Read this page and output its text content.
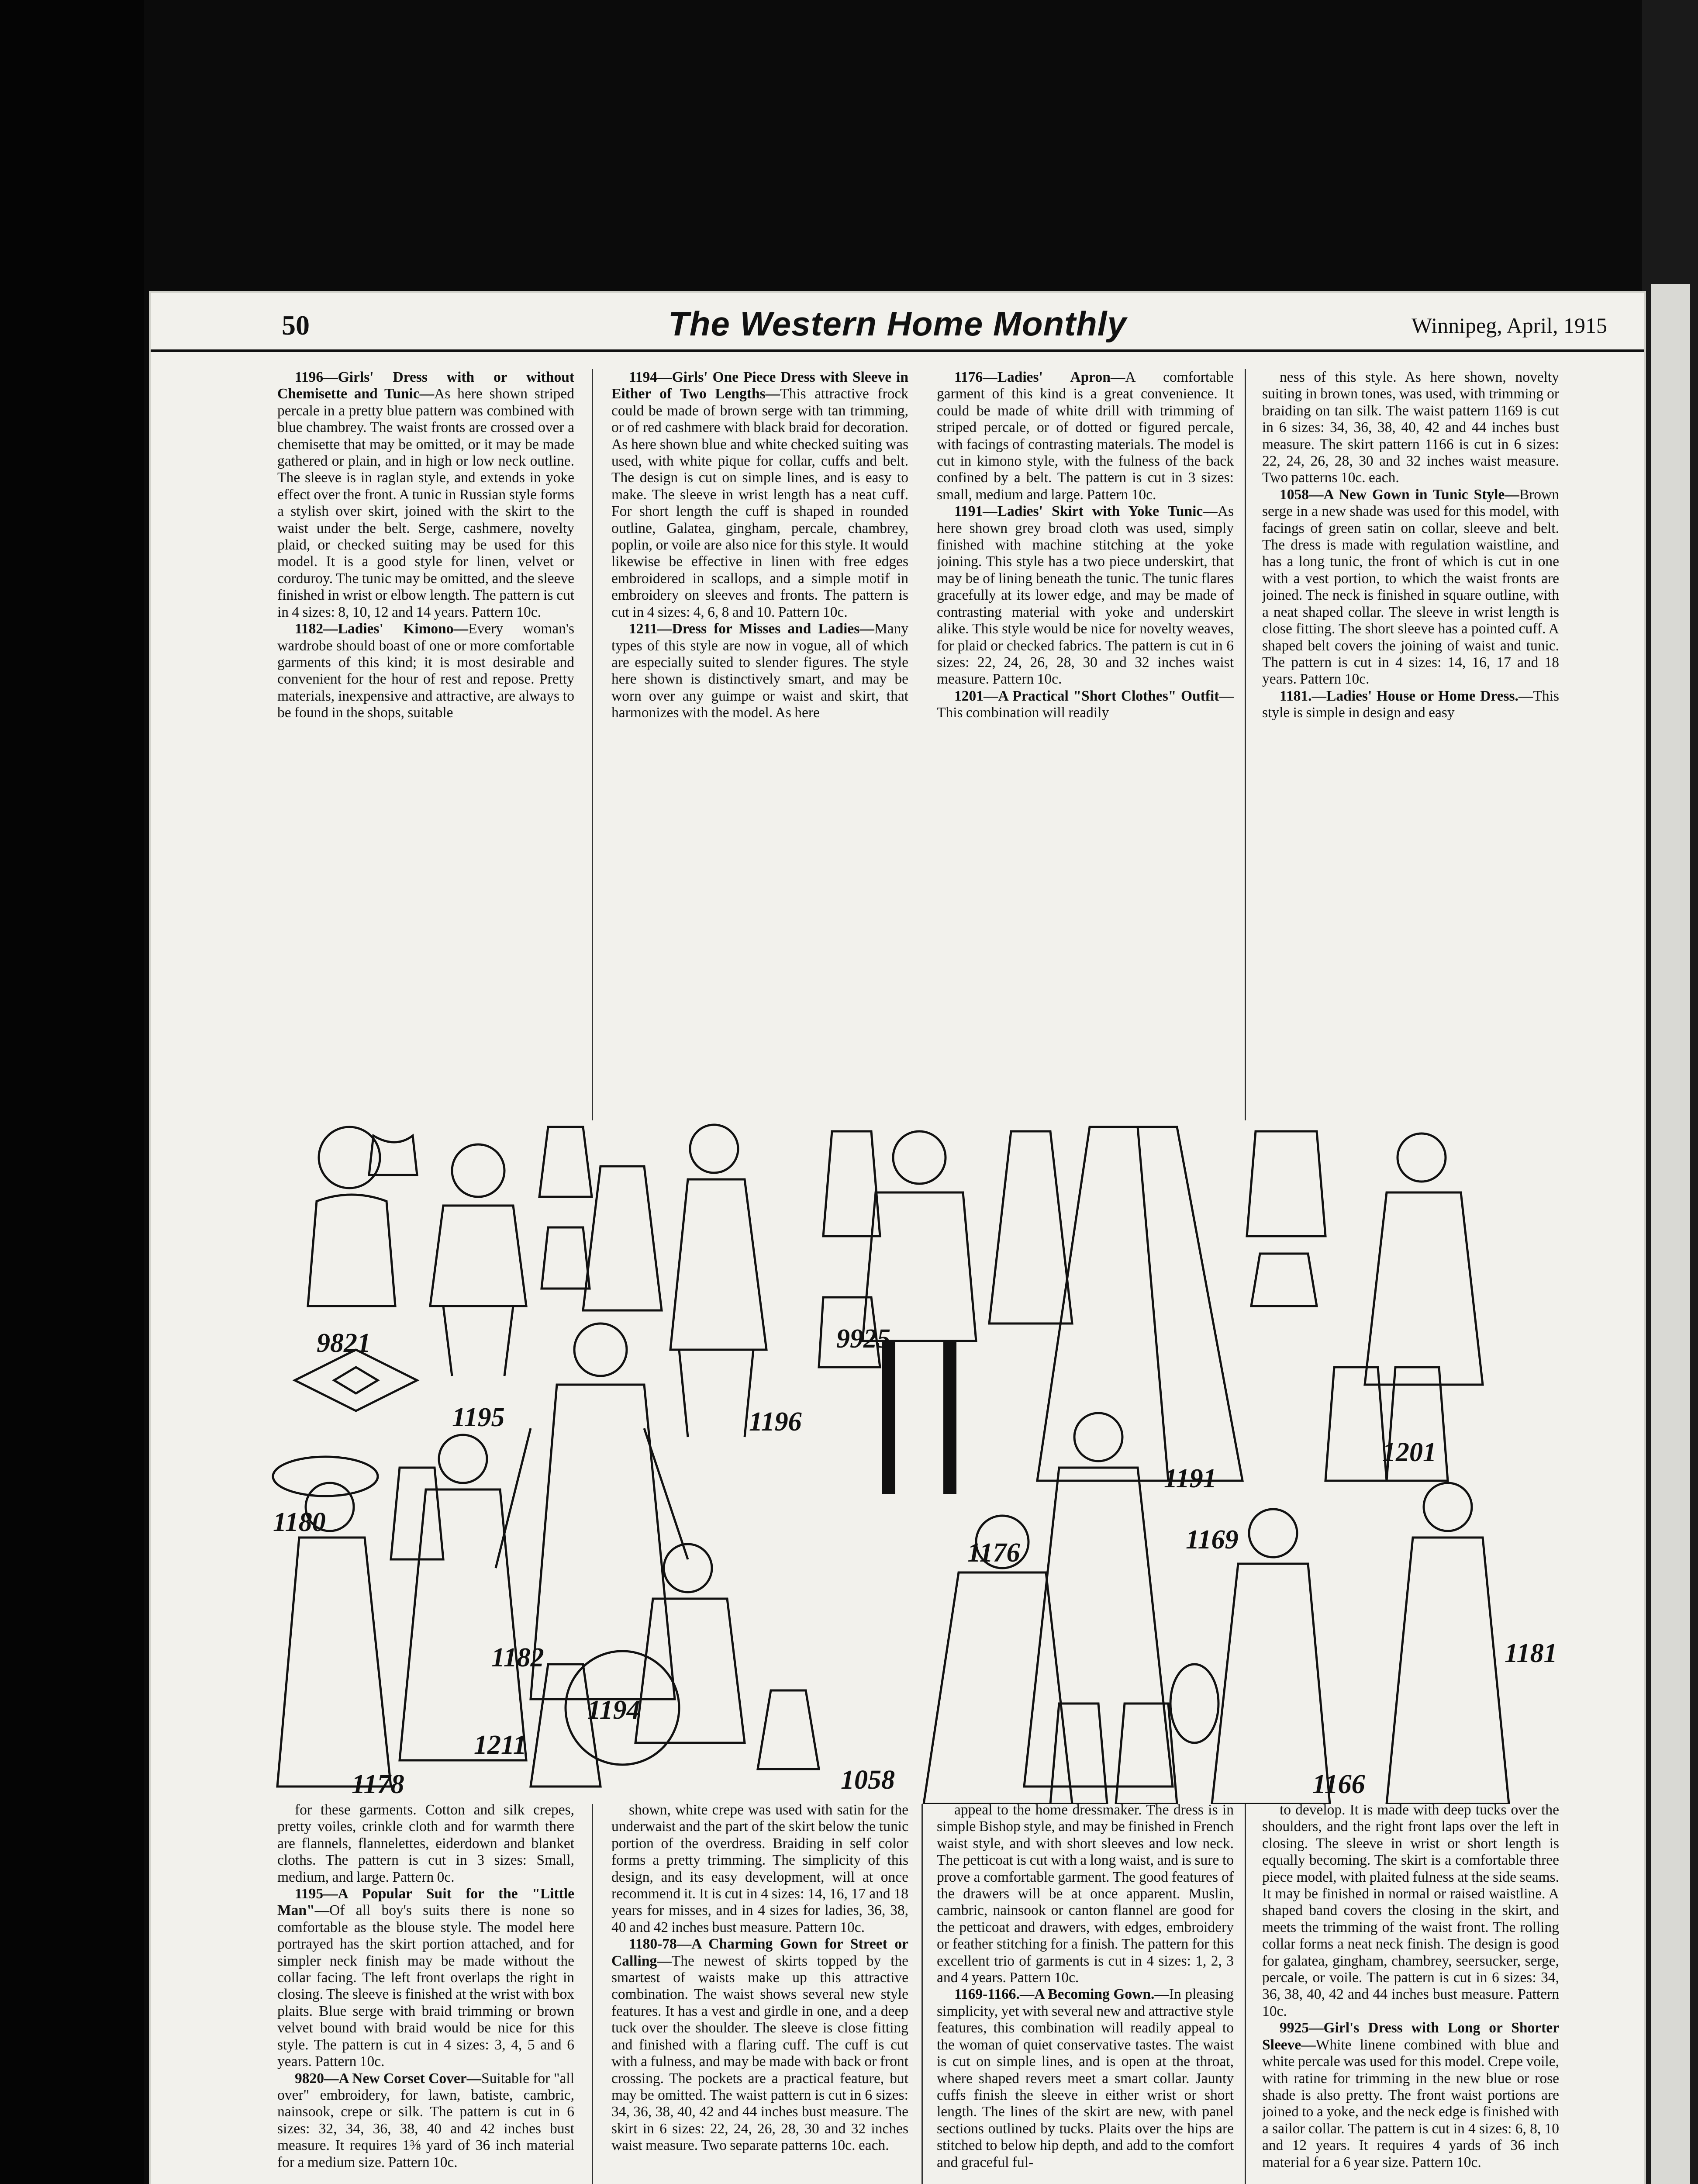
50	The Western Home Monthly	Winnipeg, April, 1915

1196—Girls' Dress with or without Chemisette and Tunic—As here shown striped percale in a pretty blue pattern was combined with blue chambrey. The waist fronts are crossed over a chemisette that may be omitted, or it may be made gathered or plain, and in high or low neck outline. The sleeve is in raglan style, and extends in yoke effect over the front. A tunic in Russian style forms a stylish over skirt, joined with the skirt to the waist under the belt. Serge, cashmere, novelty plaid, or checked suiting may be used for this model. It is a good style for linen, velvet or corduroy. The tunic may be omitted, and the sleeve finished in wrist or elbow length. The pattern is cut in 4 sizes: 8, 10, 12 and 14 years. Pattern 10c.

1182—Ladies' Kimono—Every woman's wardrobe should boast of one or more comfortable garments of this kind; it is most desirable and convenient for the hour of rest and repose. Pretty materials, inexpensive and attractive, are always to be found in the shops, suitable

1194—Girls' One Piece Dress with Sleeve in Either of Two Lengths—This attractive frock could be made of brown serge with tan trimming, or of red cashmere with black braid for decoration. As here shown blue and white checked suiting was used, with white pique for collar, cuffs and belt. The design is cut on simple lines, and is easy to make. The sleeve in wrist length has a neat cuff. For short length the cuff is shaped in rounded outline, Galatea, gingham, percale, chambrey, poplin, or voile are also nice for this style. It would likewise be effective in linen with free edges embroidered in scallops, and a simple motif in embroidery on sleeves and fronts. The pattern is cut in 4 sizes: 4, 6, 8 and 10. Pattern 10c.

1211—Dress for Misses and Ladies—Many types of this style are now in vogue, all of which are especially suited to slender figures. The style here shown is distinctively smart, and may be worn over any guimpe or waist and skirt, that harmonizes with the model. As here

1176—Ladies' Apron—A comfortable garment of this kind is a great convenience. It could be made of white drill with trimming of striped percale, or of dotted or figured percale, with facings of contrasting materials. The model is cut in kimono style, with the fulness of the back confined by a belt. The pattern is cut in 3 sizes: small, medium and large. Pattern 10c.

1191—Ladies' Skirt with Yoke Tunic—As here shown grey broad cloth was used, simply finished with machine stitching at the yoke joining. This style has a two piece underskirt, that may be of lining beneath the tunic. The tunic flares gracefully at its lower edge, and may be made of contrasting material with yoke and underskirt alike. This style would be nice for novelty weaves, for plaid or checked fabrics. The pattern is cut in 6 sizes: 22, 24, 26, 28, 30 and 32 inches waist measure. Pattern 10c.

1201—A Practical "Short Clothes" Outfit—This combination will readily

ness of this style. As here shown, novelty suiting in brown tones, was used, with trimming or braiding on tan silk. The waist pattern 1169 is cut in 6 sizes: 34, 36, 38, 40, 42 and 44 inches bust measure. The skirt pattern 1166 is cut in 6 sizes: 22, 24, 26, 28, 30 and 32 inches waist measure. Two patterns 10c. each.

1058—A New Gown in Tunic Style—Brown serge in a new shade was used for this model, with facings of green satin on collar, sleeve and belt. The dress is made with regulation waistline, and has a long tunic, the front of which is cut in one with a vest portion, to which the waist fronts are joined. The neck is finished in square outline, with a neat shaped collar. The sleeve in wrist length is close fitting. The short sleeve has a pointed cuff. A shaped belt covers the joining of waist and tunic. The pattern is cut in 4 sizes: 14, 16, 17 and 18 years. Pattern 10c.

1181.—Ladies' House or Home Dress.—This style is simple in design and easy

9821
1195	1196
1180
1182
1211
1178
1194
9925
1191
1201
1176	1169
1058	1166
1181

for these garments. Cotton and silk crepes, pretty voiles, crinkle cloth and for warmth there are flannels, flannelettes, eiderdown and blanket cloths. The pattern is cut in 3 sizes: Small, medium, and large. Pattern 0c.

1195—A Popular Suit for the "Little Man"—Of all boy's suits there is none so comfortable as the blouse style. The model here portrayed has the skirt portion attached, and for simpler neck finish may be made without the collar facing. The left front overlaps the right in closing. The sleeve is finished at the wrist with box plaits. Blue serge with braid trimming or brown velvet bound with braid would be nice for this style. The pattern is cut in 4 sizes: 3, 4, 5 and 6 years. Pattern 10c.

9820—A New Corset Cover—Suitable for "all over" embroidery, for lawn, batiste, cambric, nainsook, crepe or silk. The pattern is cut in 6 sizes: 32, 34, 36, 38, 40 and 42 inches bust measure. It requires 1⅜ yard of 36 inch material for a medium size. Pattern 10c.

shown, white crepe was used with satin for the underwaist and the part of the skirt below the tunic portion of the overdress. Braiding in self color forms a pretty trimming. The simplicity of this design, and its easy development, will at once recommend it. It is cut in 4 sizes: 14, 16, 17 and 18 years for misses, and in 4 sizes for ladies, 36, 38, 40 and 42 inches bust measure. Pattern 10c.

1180-78—A Charming Gown for Street or Calling—The newest of skirts topped by the smartest of waists make up this attractive combination. The waist shows several new style features. It has a vest and girdle in one, and a deep tuck over the shoulder. The sleeve is close fitting and finished with a flaring cuff. The cuff is cut with a fulness, and may be made with back or front crossing. The pockets are a practical feature, but may be omitted. The waist pattern is cut in 6 sizes: 34, 36, 38, 40, 42 and 44 inches bust measure. The skirt in 6 sizes: 22, 24, 26, 28, 30 and 32 inches waist measure. Two separate patterns 10c. each.

appeal to the home dressmaker. The dress is in simple Bishop style, and may be finished in French waist style, and with short sleeves and low neck. The petticoat is cut with a long waist, and is sure to prove a comfortable garment. The good features of the drawers will be at once apparent. Muslin, cambric, nainsook or canton flannel are good for the petticoat and drawers, with edges, embroidery or feather stitching for a finish. The pattern for this excellent trio of garments is cut in 4 sizes: 1, 2, 3 and 4 years. Pattern 10c.

1169-1166.—A Becoming Gown.—In pleasing simplicity, yet with several new and attractive style features, this combination will readily appeal to the woman of quiet conservative tastes. The waist is cut on simple lines, and is open at the throat, where shaped revers meet a smart collar. Jaunty cuffs finish the sleeve in either wrist or short length. The lines of the skirt are new, with panel sections outlined by tucks. Plaits over the hips are stitched to below hip depth, and add to the comfort and graceful ful-

to develop. It is made with deep tucks over the shoulders, and the right front laps over the left in closing. The sleeve in wrist or short length is equally becoming. The skirt is a comfortable three piece model, with plaited fulness at the side seams. It may be finished in normal or raised waistline. A shaped band covers the closing in the skirt, and meets the trimming of the waist front. The rolling collar forms a neat neck finish. The design is good for galatea, gingham, chambrey, seersucker, serge, percale, or voile. The pattern is cut in 6 sizes: 34, 36, 38, 40, 42 and 44 inches bust measure. Pattern 10c.

9925—Girl's Dress with Long or Shorter Sleeve—White linene combined with blue and white percale was used for this model. Crepe voile, with ratine for trimming in the new blue or rose shade is also pretty. The front waist portions are joined to a yoke, and the neck edge is finished with a sailor collar. The pattern is cut in 4 sizes: 6, 8, 10 and 12 years. It requires 4 yards of 36 inch material for a 6 year size. Pattern 10c.
